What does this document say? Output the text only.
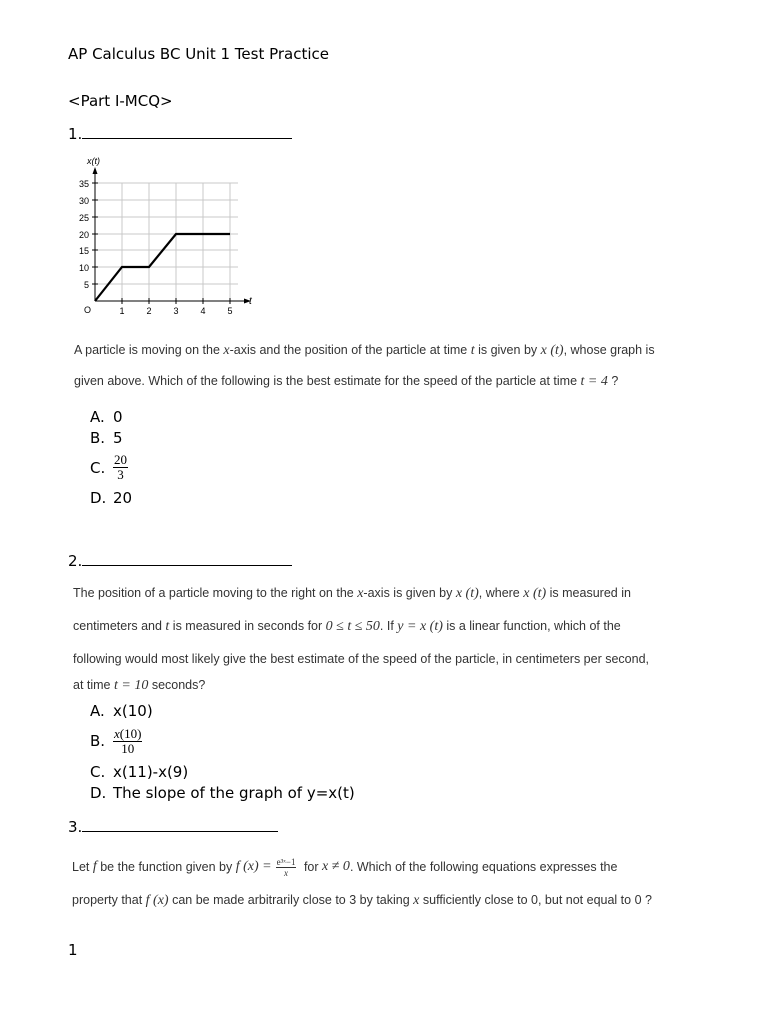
AP Calculus BC Unit 1 Test Practice
<Part I-MCQ>
1.
x(t)
t
O
35
30
25
20
15
10
5
1 2 3 4 5
A particle is moving on the x-axis and the position of the particle at time t is given by x (t), whose graph is
given above. Which of the following is the best estimate for the speed of the particle at time t = 4 ?
A. 0
B. 5
C. $\frac{20}{3}$
D. 20
2.
The position of a particle moving to the right on the x-axis is given by x (t), where x (t) is measured in
centimeters and t is measured in seconds for 0 ≤ t ≤ 50. If y = x (t) is a linear function, which of the
following would most likely give the best estimate of the speed of the particle, in centimeters per second,
at time t = 10 seconds?
A. x(10)
B. $\frac{x(10)}{10}$
C. x(11)-x(9)
D. The slope of the graph of y=x(t)
3.
Let f be the function given by f $(x) = \frac{\text{e³ˣ−1}}{x}$ for x ≠ 0 . Which of the following equations expresses the
property that f (x) can be made arbitrarily close to 3 by taking x sufficiently close to 0, but not equal to 0 ?
1
